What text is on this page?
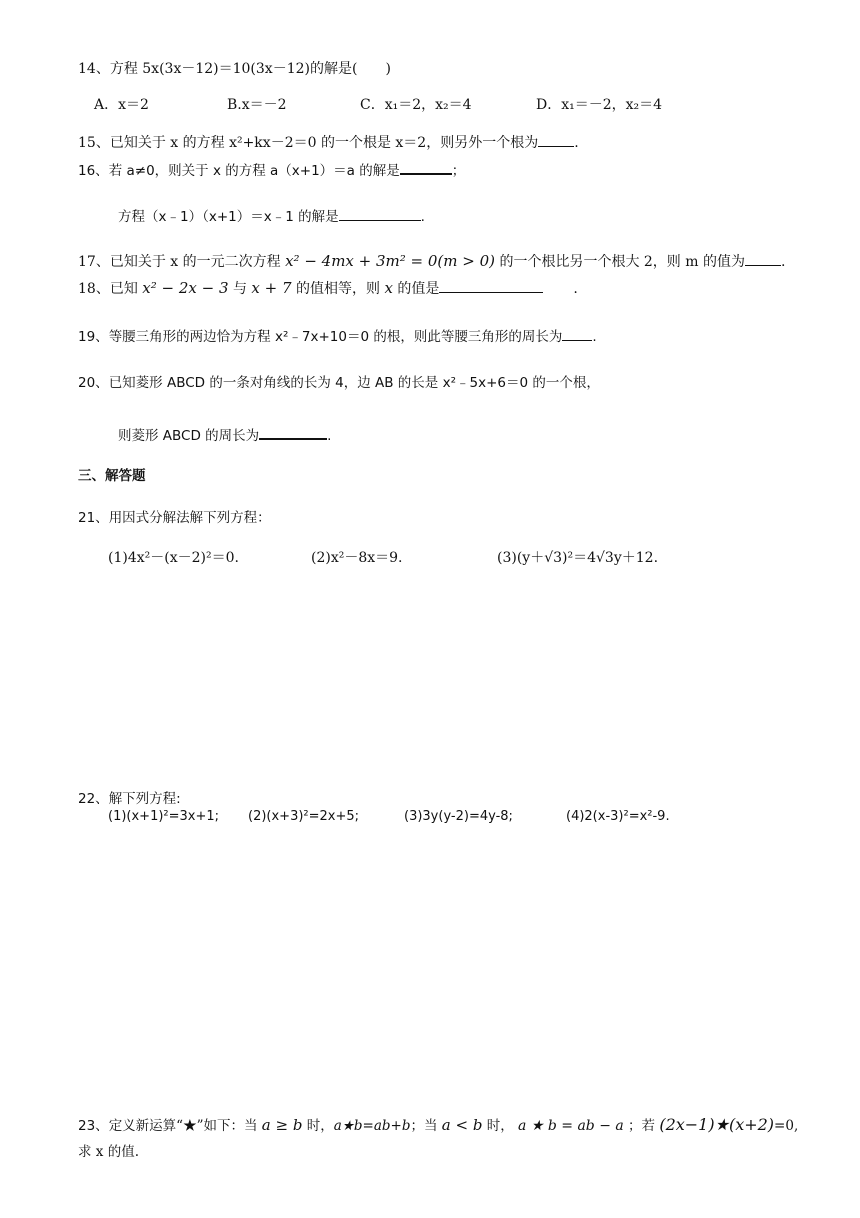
14、方程 5x(3x－12)＝10(3x－12)的解是(　　)
A．x＝2	B.x＝－2	C．x₁＝2，x₂＝4	D．x₁＝－2，x₂＝4
15、已知关于 x 的方程 x²+kx－2＝0 的一个根是 x＝2，则另外一个根为	.
16、若 a≠0，则关于 x 的方程 a（x+1）＝a 的解是	；
方程（x﹣1）（x+1）＝x﹣1 的解是	.
17、已知关于 x 的一元二次方程 x² − 4mx + 3m² = 0(m > 0) 的一个根比另一个根大 2，则 m 的值为	.
18、已知 x² − 2x − 3 与 x + 7 的值相等，则 x 的值是	.
19、等腰三角形的两边恰为方程 x²﹣7x+10＝0 的根，则此等腰三角形的周长为 .
20、已知菱形 ABCD 的一条对角线的长为 4，边 AB 的长是 x²﹣5x+6＝0 的一个根，
则菱形 ABCD 的周长为	.
三、解答题
21、用因式分解法解下列方程：
(1)4x²－(x－2)²＝0.	(2)x²－8x＝9.	(3)(y＋√3)²＝4√3y＋12.
22、解下列方程:
(1)(x+1)²=3x+1; (2)(x+3)²=2x+5;	(3)3y(y-2)=4y-8;	(4)2(x-3)²=x²-9.
23、定义新运算“★”如下：当 a ≥ b 时，a★b=ab+b；当 a < b 时， a ★ b = ab − a ；若 (2x−1)★(x+2)=0,
求 x 的值.
